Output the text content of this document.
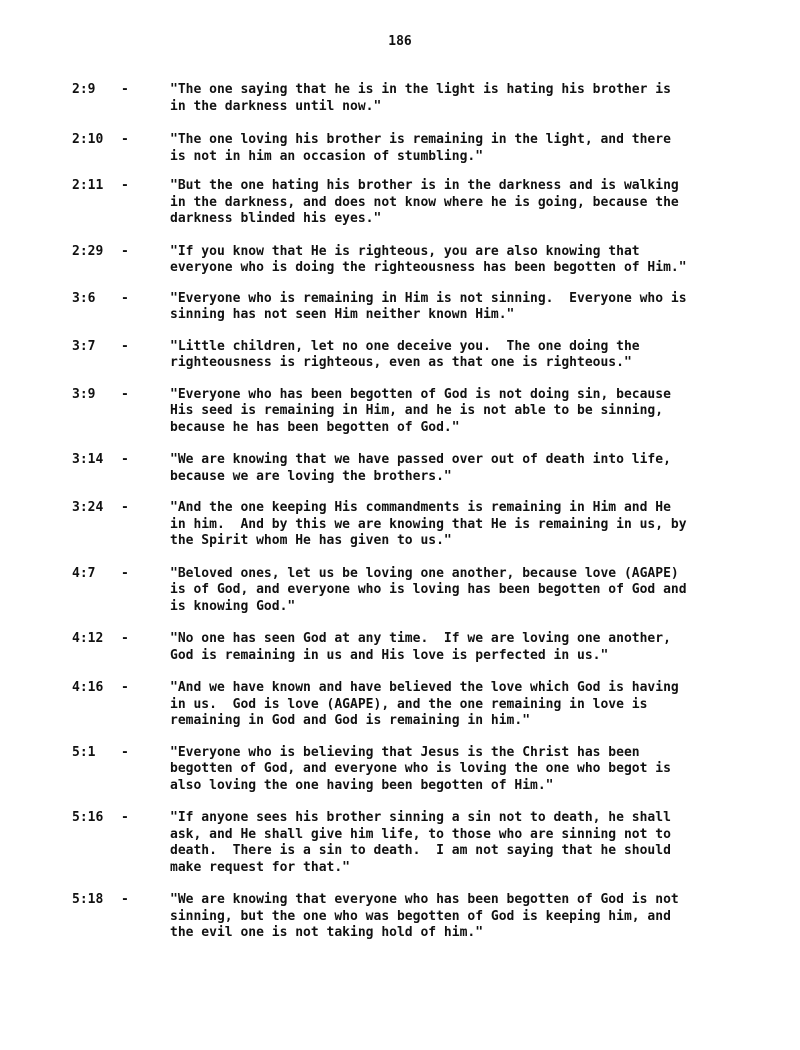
186
2:9 -	"The one saying that he is in the light is hating his brother is
in the darkness until now."
2:10 -	"The one loving his brother is remaining in the light, and there
is not in him an occasion of stumbling."
2:11 -	"But the one hating his brother is in the darkness and is walking
in the darkness, and does not know where he is going, because the
darkness blinded his eyes."
2:29 -	"If you know that He is righteous, you are also knowing that
everyone who is doing the righteousness has been begotten of Him."
3:6 -	"Everyone who is remaining in Him is not sinning.  Everyone who is
sinning has not seen Him neither known Him."
3:7 -	"Little children, let no one deceive you.  The one doing the
righteousness is righteous, even as that one is righteous."
3:9 -	"Everyone who has been begotten of God is not doing sin, because
His seed is remaining in Him, and he is not able to be sinning,
because he has been begotten of God."
3:14 -	"We are knowing that we have passed over out of death into life,
because we are loving the brothers."
3:24 -	"And the one keeping His commandments is remaining in Him and He
in him.  And by this we are knowing that He is remaining in us, by
the Spirit whom He has given to us."
4:7 -	"Beloved ones, let us be loving one another, because love (AGAPE)
is of God, and everyone who is loving has been begotten of God and
is knowing God."
4:12 -	"No one has seen God at any time.  If we are loving one another,
God is remaining in us and His love is perfected in us."
4:16 -	"And we have known and have believed the love which God is having
in us.  God is love (AGAPE), and the one remaining in love is
remaining in God and God is remaining in him."
5:1 -	"Everyone who is believing that Jesus is the Christ has been
begotten of God, and everyone who is loving the one who begot is
also loving the one having been begotten of Him."
5:16 -	"If anyone sees his brother sinning a sin not to death, he shall
ask, and He shall give him life, to those who are sinning not to
death.  There is a sin to death.  I am not saying that he should
make request for that."
5:18 -	"We are knowing that everyone who has been begotten of God is not
sinning, but the one who was begotten of God is keeping him, and
the evil one is not taking hold of him."
